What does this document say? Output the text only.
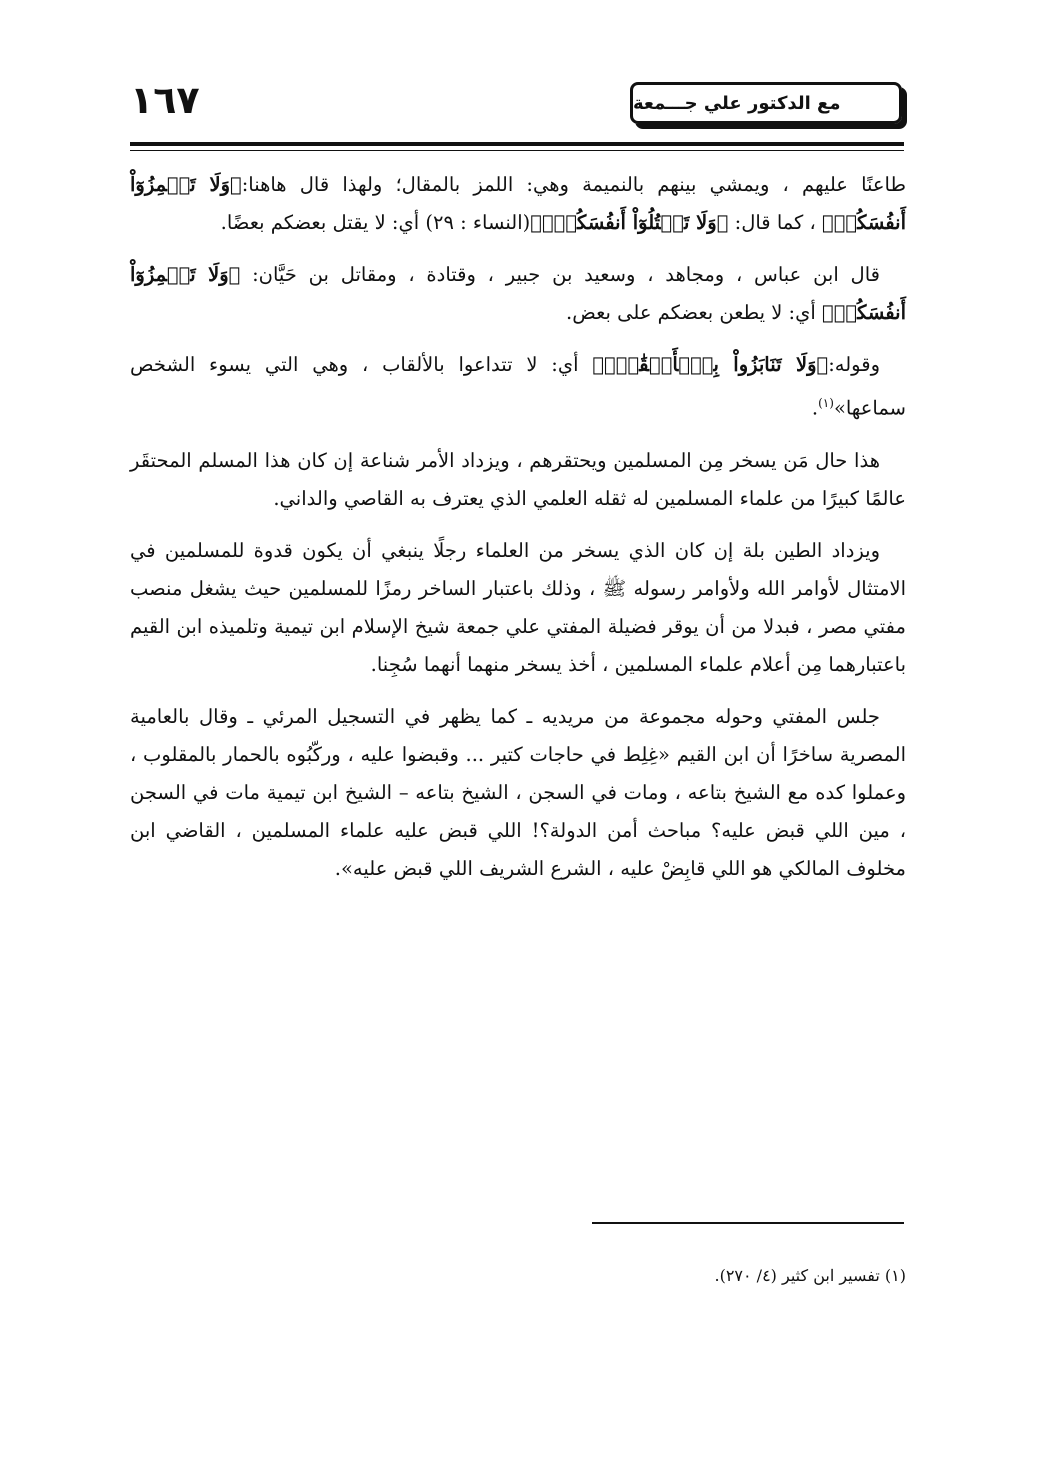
١٦٧	مع الدكتور علي جـــمعة

طاعنًا عليهم ، ويمشي بينهم بالنميمة وهي: اللمز بالمقال؛ ولهذا قال هاهنا:﴿وَلَا تَلۡمِزُوٓاْ أَنفُسَكُمۡ﴾ ، كما قال: ﴿وَلَا تَقۡتُلُوٓاْ أَنفُسَكُمۡۚ﴾(النساء : ٢٩) أي: لا يقتل بعضكم بعضًا.

قال ابن عباس ، ومجاهد ، وسعيد بن جبير ، وقتادة ، ومقاتل بن حَيَّان: ﴿وَلَا تَلۡمِزُوٓاْ أَنفُسَكُمۡ﴾ أي: لا يطعن بعضكم على بعض.

وقوله:﴿وَلَا تَنَابَزُواْ بِٱلۡأَلۡقَٰبِۖ﴾ أي: لا تتداعوا بالألقاب ، وهي التي يسوء الشخص سماعها»$^{(١)}$.

هذا حال مَن يسخر مِن المسلمين ويحتقرهم ، ويزداد الأمر شناعة إن كان هذا المسلم المحتقَر عالمًا كبيرًا من علماء المسلمين له ثقله العلمي الذي يعترف به القاصي والداني.

ويزداد الطين بلة إن كان الذي يسخر من العلماء رجلًا ينبغي أن يكون قدوة للمسلمين في الامتثال لأوامر الله ولأوامر رسوله ﷺ ، وذلك باعتبار الساخر رمزًا للمسلمين حيث يشغل منصب مفتي مصر ، فبدلا من أن يوقر فضيلة المفتي علي جمعة شيخ الإسلام ابن تيمية وتلميذه ابن القيم باعتبارهما مِن أعلام علماء المسلمين ، أخذ يسخر منهما أنهما سُجِنا.

جلس المفتي وحوله مجموعة من مريديه ـ كما يظهر في التسجيل المرئي ـ وقال بالعامية المصرية ساخرًا أن ابن القيم «غِلِط في حاجات كتير ... وقبضوا عليه ، وركّبُوه بالحمار بالمقلوب ، وعملوا كده مع الشيخ بتاعه ، ومات في السجن ، الشيخ بتاعه – الشيخ ابن تيمية مات في السجن ، مين اللي قبض عليه؟ مباحث أمن الدولة؟! اللي قبض عليه علماء المسلمين ، القاضي ابن مخلوف المالكي هو اللي قابِضْ عليه ، الشرع الشريف اللي قبض عليه».

(١) تفسير ابن كثير (٤/ ٢٧٠).
